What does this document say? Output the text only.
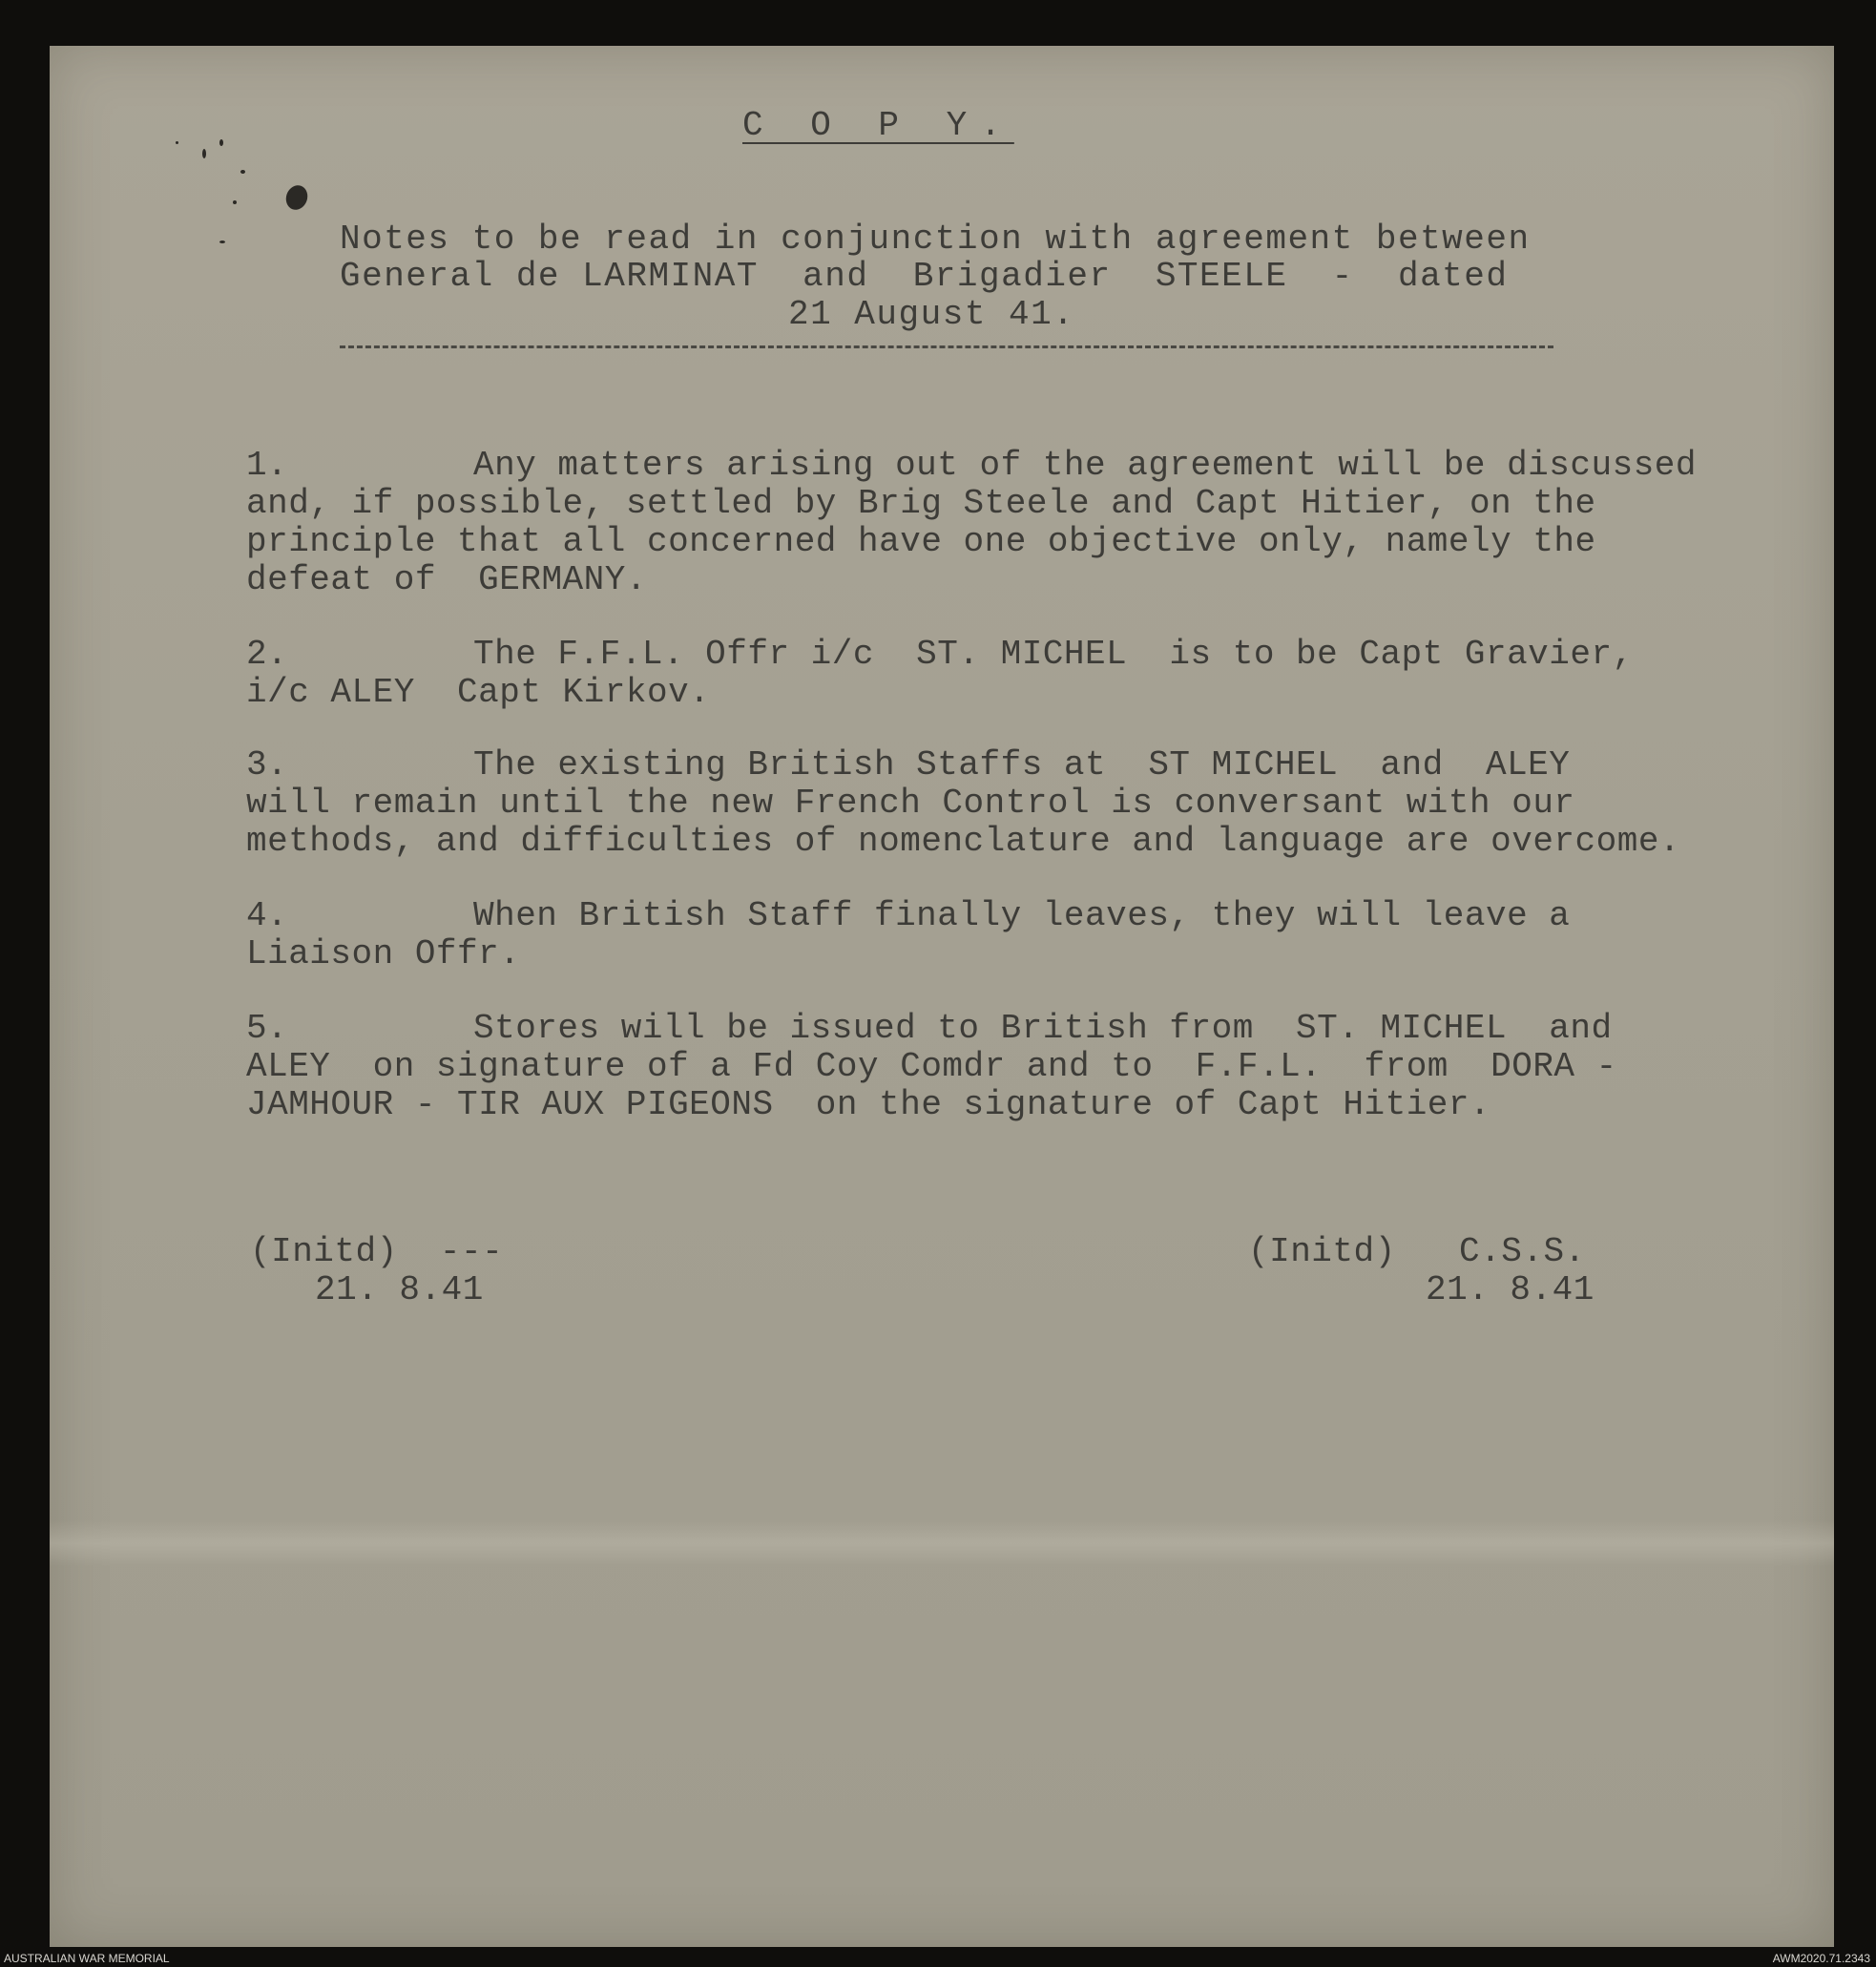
C O P Y.
Notes to be read in conjunction with agreement between
General de LARMINAT  and  Brigadier  STEELE  -  dated
21 August 41.
1.	Any matters arising out of the agreement will be discussed
and, if possible, settled by Brig Steele and Capt Hitier, on the
principle that all concerned have one objective only, namely the
defeat of  GERMANY.
2.	The F.F.L. Offr i/c  ST. MICHEL  is to be Capt Gravier,
i/c ALEY  Capt Kirkov.
3.	The existing British Staffs at  ST MICHEL  and  ALEY
will remain until the new French Control is conversant with our
methods, and difficulties of nomenclature and language are overcome.
4.	When British Staff finally leaves, they will leave a
Liaison Offr.
5.	Stores will be issued to British from  ST. MICHEL  and
ALEY  on signature of a Fd Coy Comdr and to  F.F.L.  from  DORA -
JAMHOUR - TIR AUX PIGEONS  on the signature of Capt Hitier.
(Initd)  ---
21. 8.41
(Initd)   C.S.S.
21. 8.41
AUSTRALIAN WAR MEMORIAL	AWM2020.71.2343
